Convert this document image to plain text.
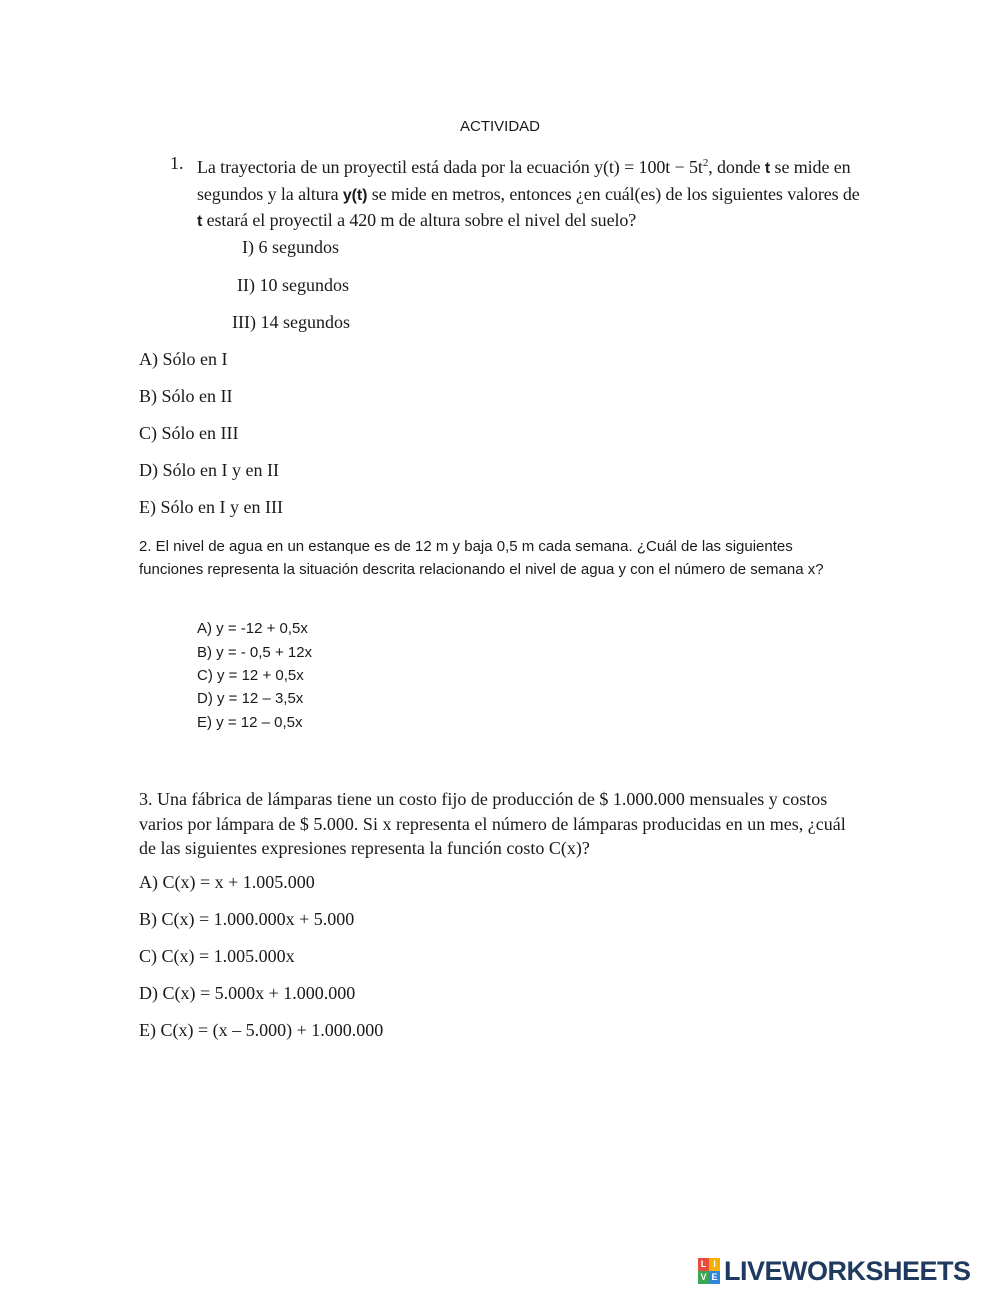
ACTIVIDAD
1. La trayectoria de un proyectil está dada por la ecuación $y(t) = 100t - 5t^2$, donde t se mide en segundos y la altura y(t) se mide en metros, entonces ¿en cuál(es) de los siguientes valores de t estará el proyectil a 420 m de altura sobre el nivel del suelo?

I) 6 segundos

II) 10 segundos

III) 14 segundos

A) Sólo en I

B) Sólo en II

C) Sólo en III

D) Sólo en I y en II

E) Sólo en I y en III

2. El nivel de agua en un estanque es de 12 m y baja 0,5 m cada semana. ¿Cuál de las siguientes funciones representa la situación descrita relacionando el nivel de agua y con el número de semana x?

A) y = -12 + 0,5x

B) y = - 0,5 + 12x

C) y = 12 + 0,5x

D) y = 12 – 3,5x

E) y = 12 – 0,5x

3. Una fábrica de lámparas tiene un costo fijo de producción de $ 1.000.000 mensuales y costos varios por lámpara de $ 5.000. Si x representa el número de lámparas producidas en un mes, ¿cuál de las siguientes expresiones representa la función costo C(x)?

A) C(x) = x + 1.005.000

B) C(x) = 1.000.000x + 5.000

C) C(x) = 1.005.000x

D) C(x) = 5.000x + 1.000.000

E) C(x) = (x – 5.000) + 1.000.000

L I
V E LIVEWORKSHEETS
